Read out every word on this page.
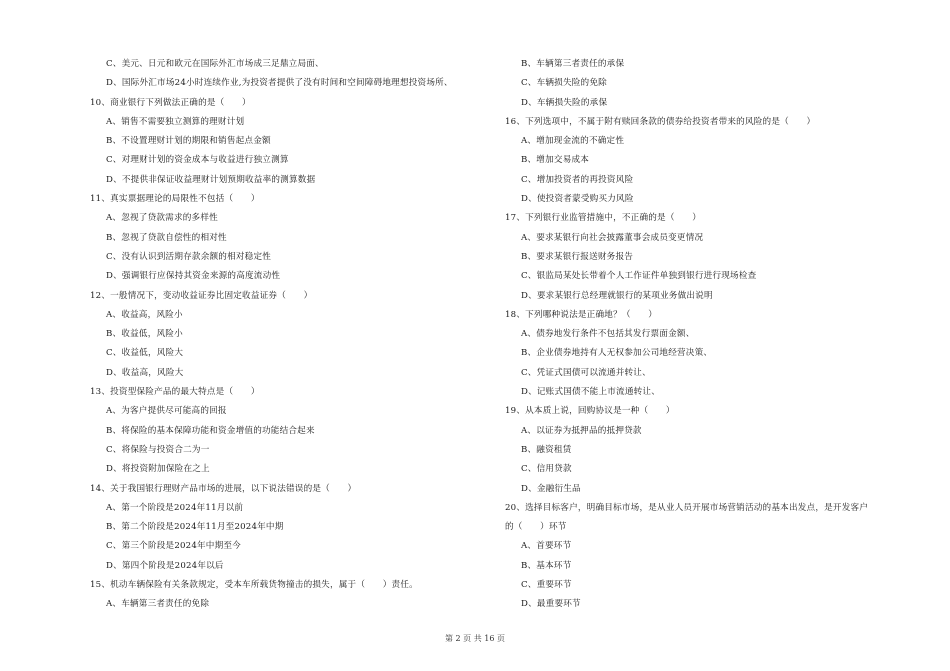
C、美元、日元和欧元在国际外汇市场成三足鼎立局面、
D、国际外汇市场24小时连续作业,为投资者提供了没有时间和空间障碍地理想投资场所、
10、商业银行下列做法正确的是（　　）
A、销售不需要独立测算的理财计划
B、不设置理财计划的期限和销售起点金额
C、对理财计划的资金成本与收益进行独立测算
D、不提供非保证收益理财计划预期收益率的测算数据
11、真实票据理论的局限性不包括（　　）
A、忽视了贷款需求的多样性
B、忽视了贷款自偿性的相对性
C、没有认识到活期存款余额的相对稳定性
D、强调银行应保持其资金来源的高度流动性
12、一般情况下，变动收益证券比固定收益证券（　　）
A、收益高，风险小
B、收益低，风险小
C、收益低，风险大
D、收益高，风险大
13、投资型保险产品的最大特点是（　　）
A、为客户提供尽可能高的回报
B、将保险的基本保障功能和资金增值的功能结合起来
C、将保险与投资合二为一
D、将投资附加保险在之上
14、关于我国银行理财产品市场的进展，以下说法错误的是（　　）
A、第一个阶段是2024年11月以前
B、第二个阶段是2024年11月至2024年中期
C、第三个阶段是2024年中期至今
D、第四个阶段是2024年以后
15、机动车辆保险有关条款规定，受本车所载货物撞击的损失，属于（　　）责任。
A、车辆第三者责任的免除
B、车辆第三者责任的承保
C、车辆损失险的免除
D、车辆损失险的承保
16、下列选项中，不属于附有赎回条款的债券给投资者带来的风险的是（　　）
A、增加现金流的不确定性
B、增加交易成本
C、增加投资者的再投资风险
D、使投资者蒙受购买力风险
17、下列银行业监管措施中，不正确的是（　　）
A、要求某银行向社会披露董事会成员变更情况
B、要求某银行报送财务报告
C、银监局某处长带着个人工作证件单独到银行进行现场检查
D、要求某银行总经理就银行的某项业务做出说明
18、下列哪种说法是正确地？（　　）
A、债券地发行条件不包括其发行票面金额、
B、企业债券地持有人无权参加公司地经营决策、
C、凭证式国债可以流通并转让、
D、记账式国债不能上市流通转让、
19、从本质上说，回购协议是一种（　　）
A、以证券为抵押品的抵押贷款
B、融资租赁
C、信用贷款
D、金融衍生品
20、选择目标客户，明确目标市场，是从业人员开展市场营销活动的基本出发点，是开发客户
的（　　）环节
A、首要环节
B、基本环节
C、重要环节
D、最重要环节
第 2 页 共 16 页
